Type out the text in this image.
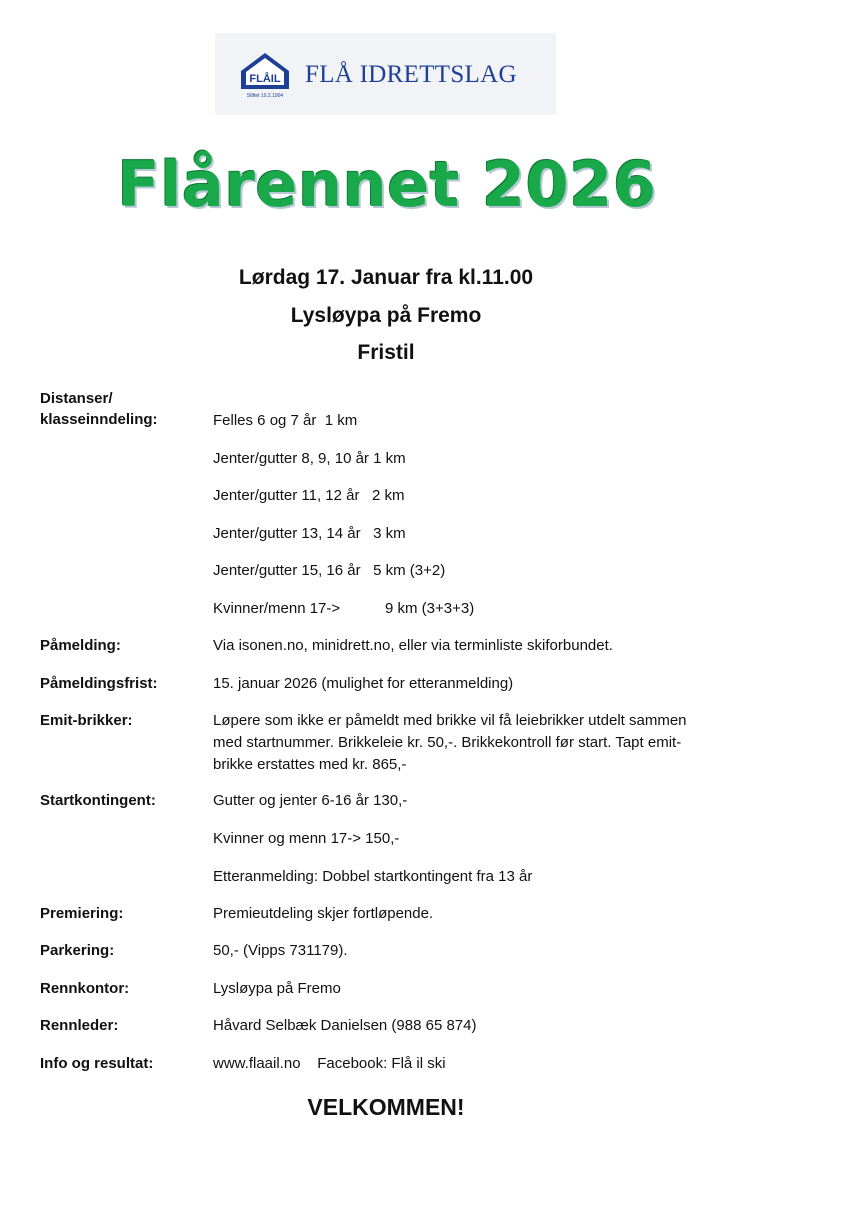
FLÅIL
Stiftet 10.2.1904
FLÅ IDRETTSLAG
Flårennet 2026
Lørdag 17. Januar fra kl.11.00
Lysløypa på Fremo
Fristil
Distanser/
klasseinndeling:	Felles 6 og 7 år 1 km
Jenter/gutter 8, 9, 10 år 1 km
Jenter/gutter 11, 12 år 2 km
Jenter/gutter 13, 14 år 3 km
Jenter/gutter 15, 16 år 5 km (3+2)
Kvinner/menn 17->	9 km (3+3+3)
Påmelding:	Via isonen.no, minidrett.no, eller via terminliste skiforbundet.
Påmeldingsfrist:	15. januar 2026 (mulighet for etteranmelding)
Emit-brikker:	Løpere som ikke er påmeldt med brikke vil få leiebrikker utdelt sammen
med startnummer. Brikkeleie kr. 50,-. Brikkekontroll før start. Tapt emit-
brikke erstattes med kr. 865,-
Startkontingent:	Gutter og jenter 6-16 år 130,-
Kvinner og menn 17-> 150,-
Etteranmelding: Dobbel startkontingent fra 13 år
Premiering:	Premieutdeling skjer fortløpende.
Parkering:	50,- (Vipps 731179).
Rennkontor:	Lysløypa på Fremo
Rennleder:	Håvard Selbæk Danielsen (988 65 874)
Info og resultat:	www.flaail.no Facebook: Flå il ski
VELKOMMEN!
